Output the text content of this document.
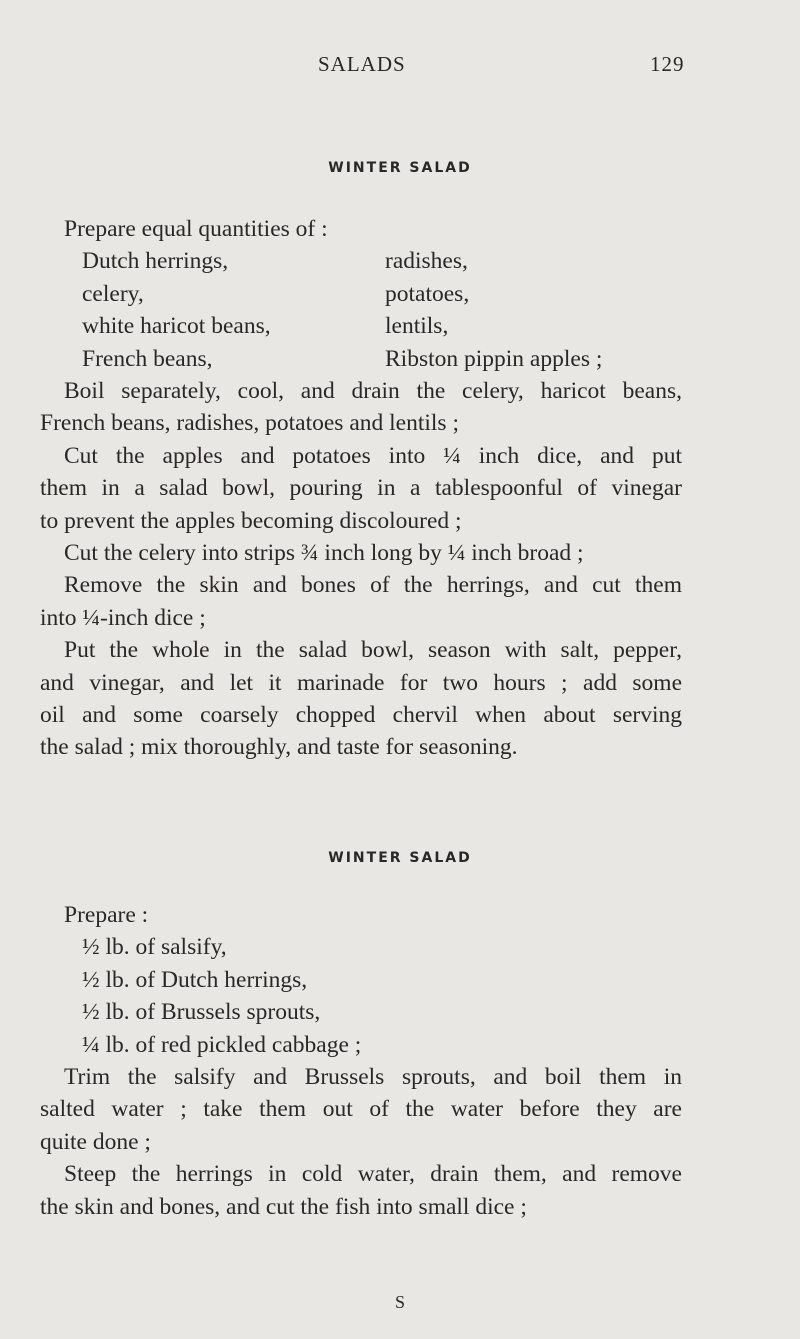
SALADS	129
WINTER SALAD
Prepare equal quantities of :
Dutch herrings,	radishes,
celery,	potatoes,
white haricot beans,	lentils,
French beans,	Ribston pippin apples ;
Boil separately, cool, and drain the celery, haricot beans,
French beans, radishes, potatoes and lentils ;
Cut the apples and potatoes into ¼ inch dice, and put
them in a salad bowl, pouring in a tablespoonful of vinegar
to prevent the apples becoming discoloured ;
Cut the celery into strips ¾ inch long by ¼ inch broad ;
Remove the skin and bones of the herrings, and cut them
into ¼-inch dice ;
Put the whole in the salad bowl, season with salt, pepper,
and vinegar, and let it marinade for two hours ; add some
oil and some coarsely chopped chervil when about serving
the salad ; mix thoroughly, and taste for seasoning.
WINTER SALAD
Prepare :
½ lb. of salsify,
½ lb. of Dutch herrings,
½ lb. of Brussels sprouts,
¼ lb. of red pickled cabbage ;
Trim the salsify and Brussels sprouts, and boil them in
salted water ; take them out of the water before they are
quite done ;
Steep the herrings in cold water, drain them, and remove
the skin and bones, and cut the fish into small dice ;
S
